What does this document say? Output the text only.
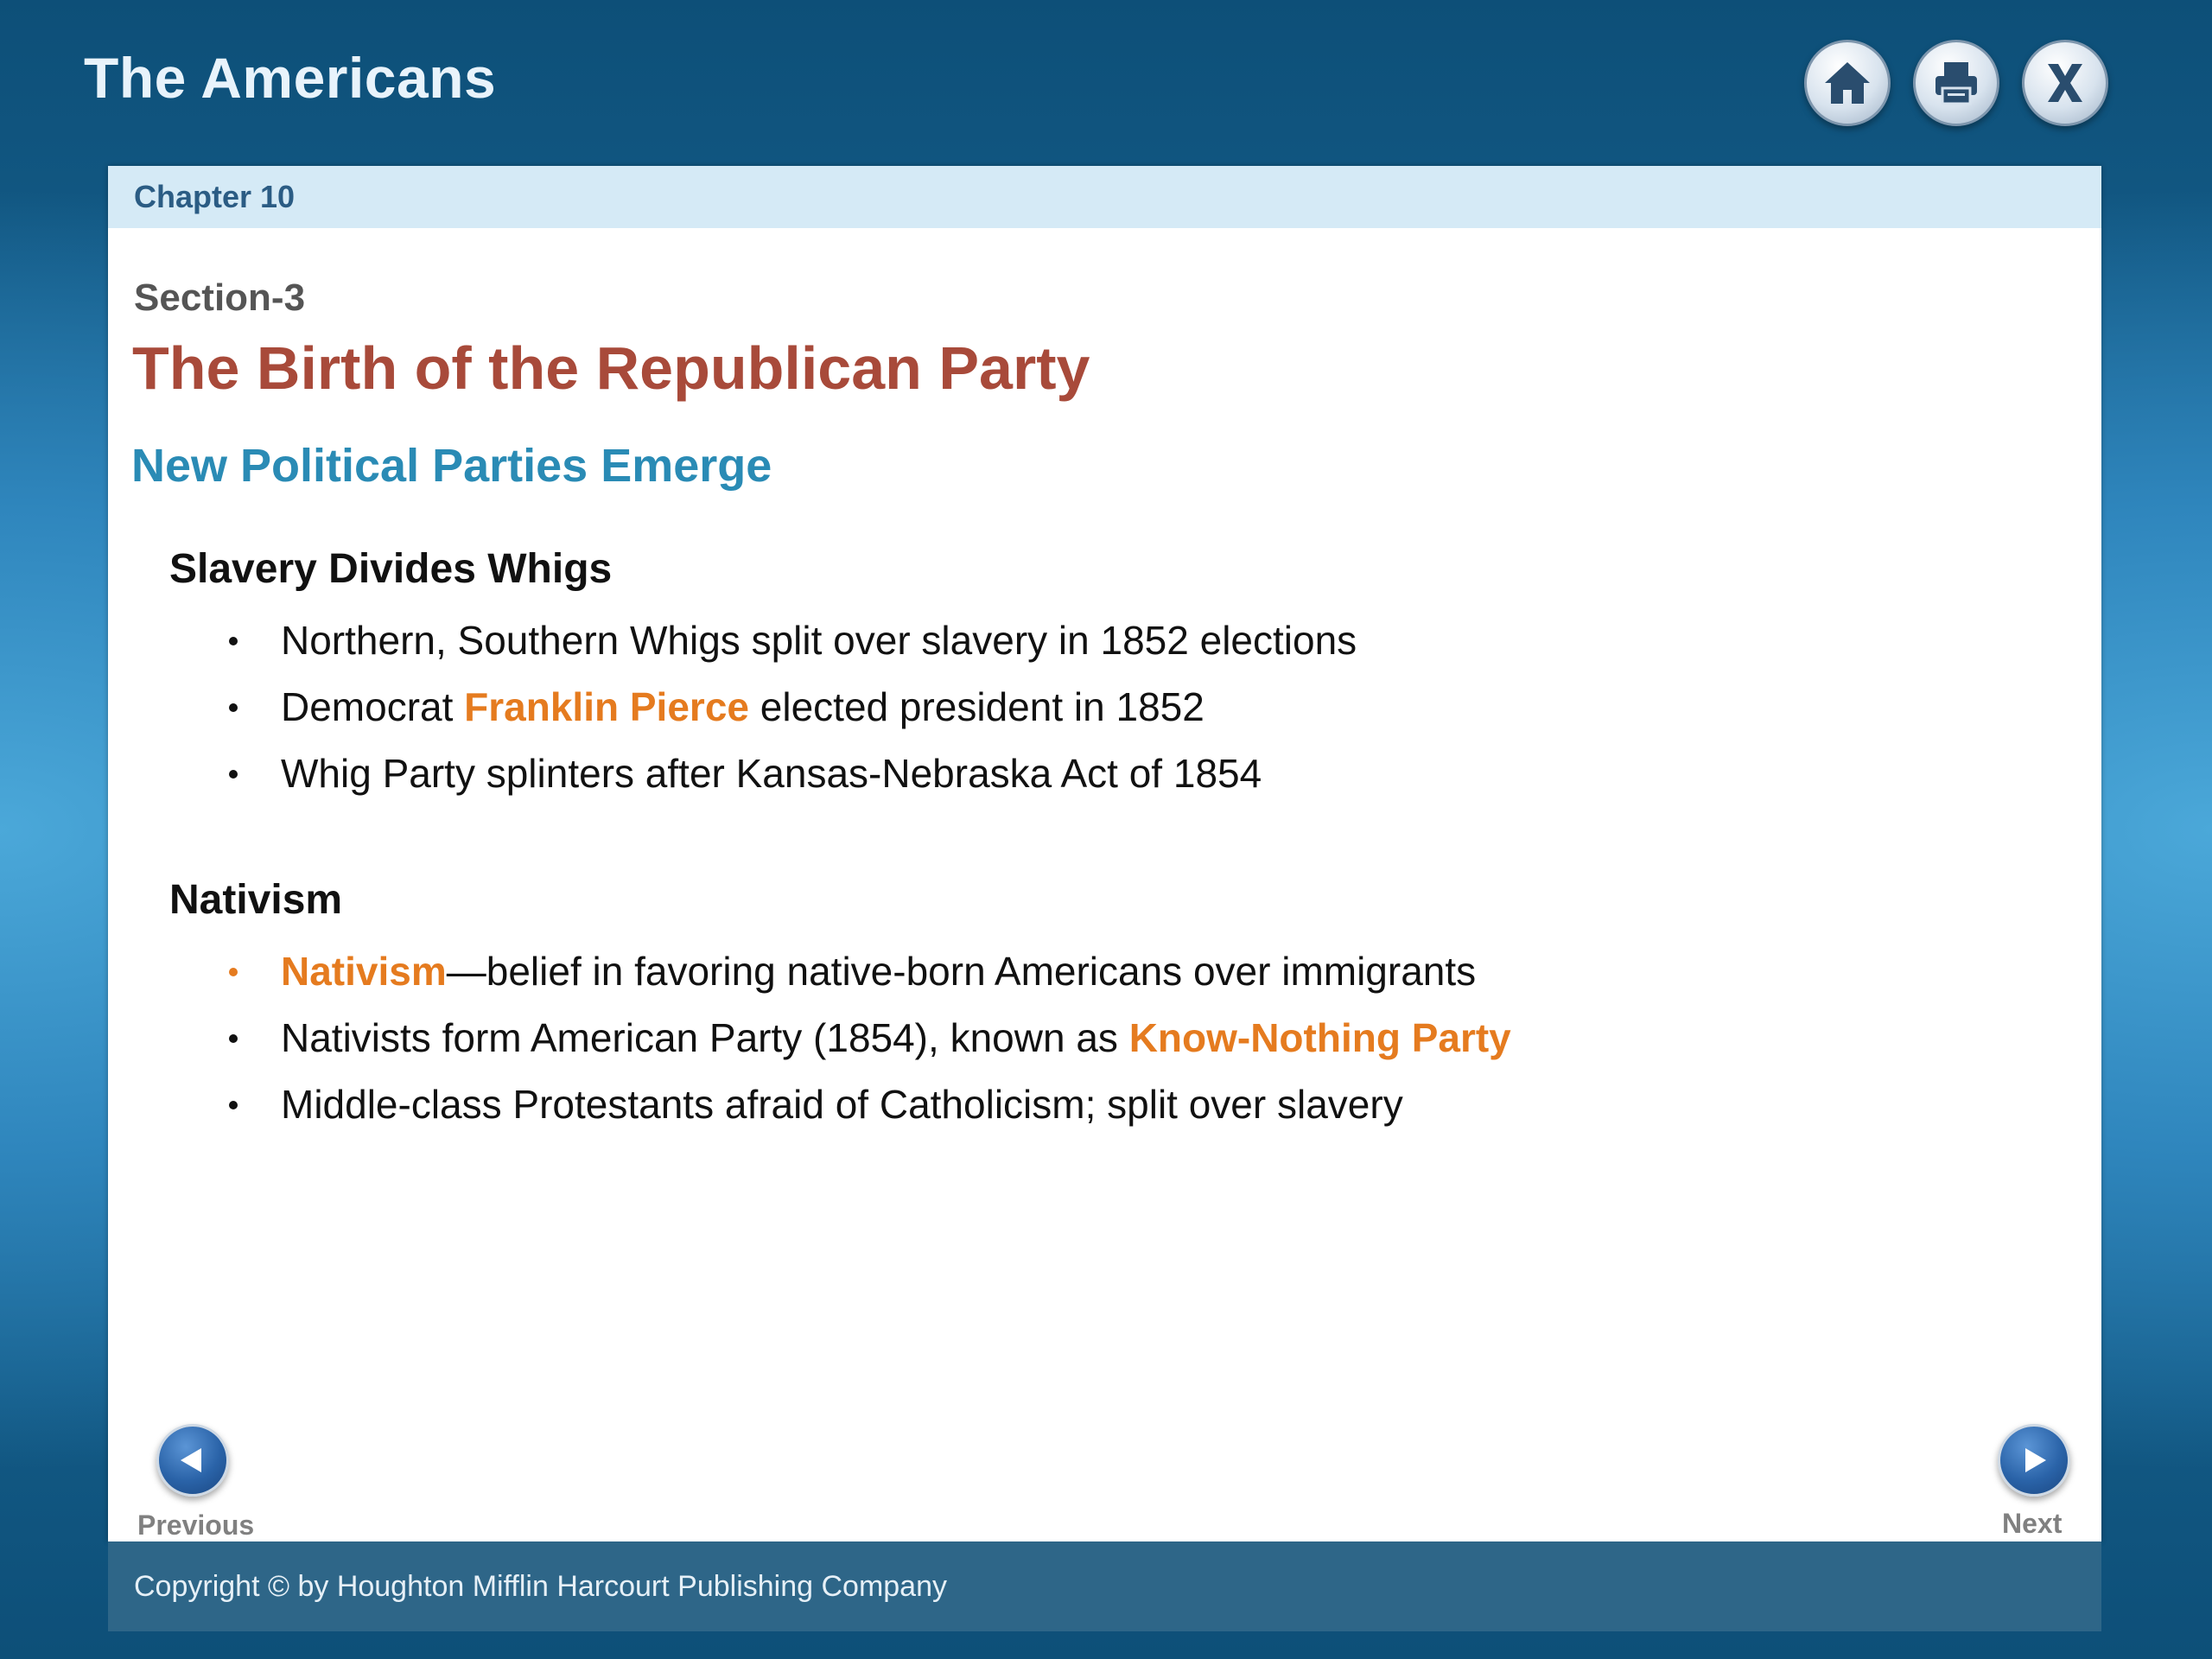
The Americans
Chapter 10
Section-3
The Birth of the Republican Party
New Political Parties Emerge
Slavery Divides Whigs
Northern, Southern Whigs split over slavery in 1852 elections
Democrat Franklin Pierce elected president in 1852
Whig Party splinters after Kansas-Nebraska Act of 1854
Nativism
Nativism—belief in favoring native-born Americans over immigrants
Nativists form American Party (1854), known as Know-Nothing Party
Middle-class Protestants afraid of Catholicism; split over slavery
Previous	Next
Copyright © by Houghton Mifflin Harcourt Publishing Company
